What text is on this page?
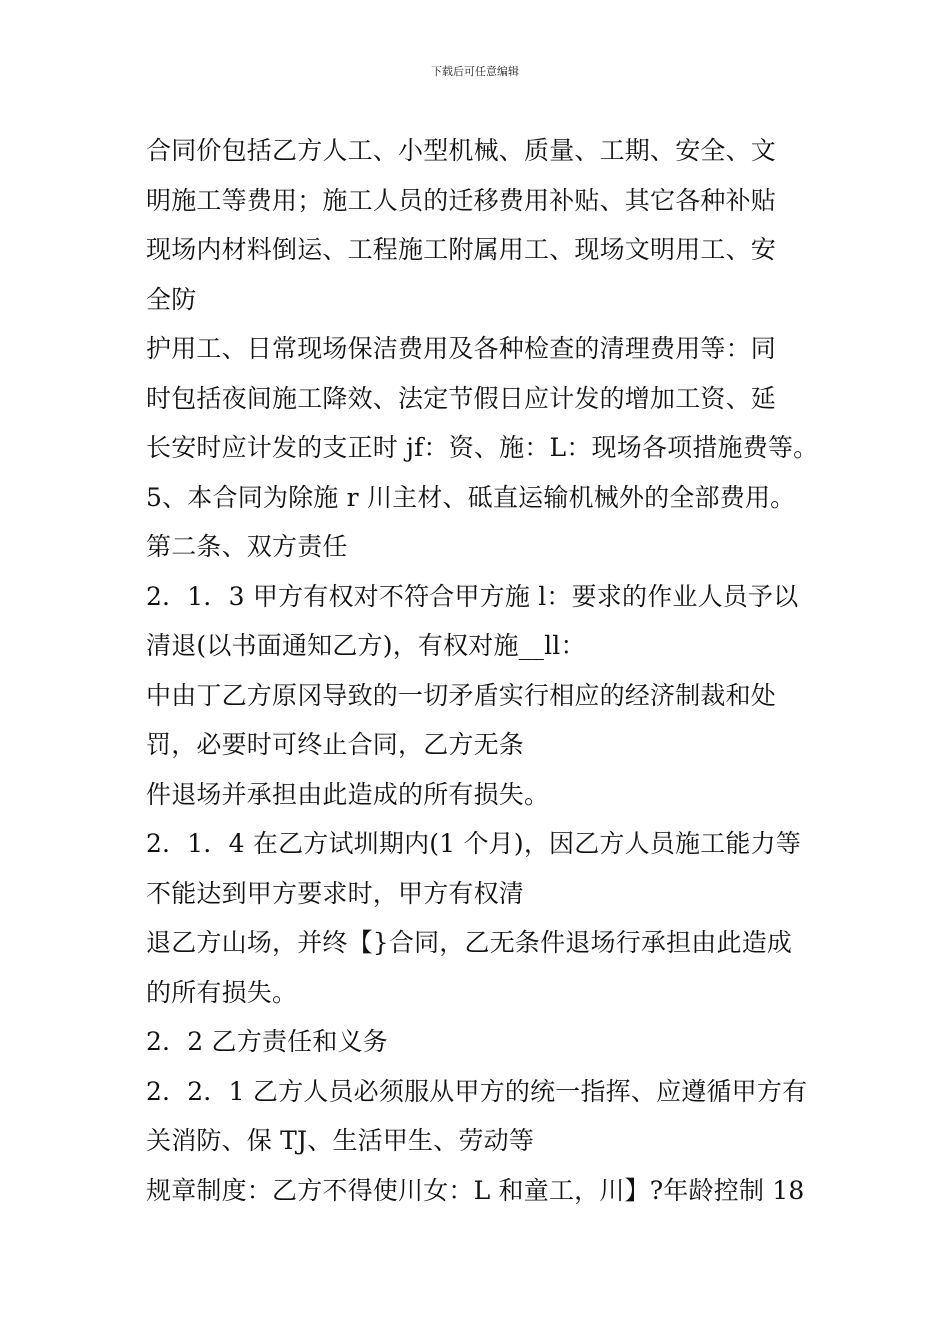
下载后可任意编辑
合同价包括乙方人工、小型机械、质量、工期、安全、文
明施工等费用；施工人员的迁移费用补贴、其它各种补贴
现场内材料倒运、工程施工附属用工、现场文明用工、安
全防
护用工、日常现场保洁费用及各种检查的清理费用等：同
时包括夜间施工降效、法定节假日应计发的增加工资、延
长安时应计发的支正时 jf：资、施：L：现场各项措施费等。
5、本合同为除施 r 川主材、砥直运输机械外的全部费用。
第二条、双方责任
2．1．3 甲方有权对不符合甲方施 l：要求的作业人员予以
清退(以书面通知乙方)，有权对施__ll：
中由丁乙方原冈导致的一切矛盾实行相应的经济制裁和处
罚，必要时可终止合同，乙方无条
件退场并承担由此造成的所有损失。
2．1．4 在乙方试圳期内(1 个月)，因乙方人员施工能力等
不能达到甲方要求时，甲方有权清
退乙方山场，并终【}合同，乙无条件退场行承担由此造成
的所有损失。
2．2 乙方责任和义务
2．2．1 乙方人员必须服从甲方的统一指挥、应遵循甲方有
关消防、保 TJ、生活甲生、劳动等
规章制度：乙方不得使川女：L 和童工，川】?年龄控制 18
